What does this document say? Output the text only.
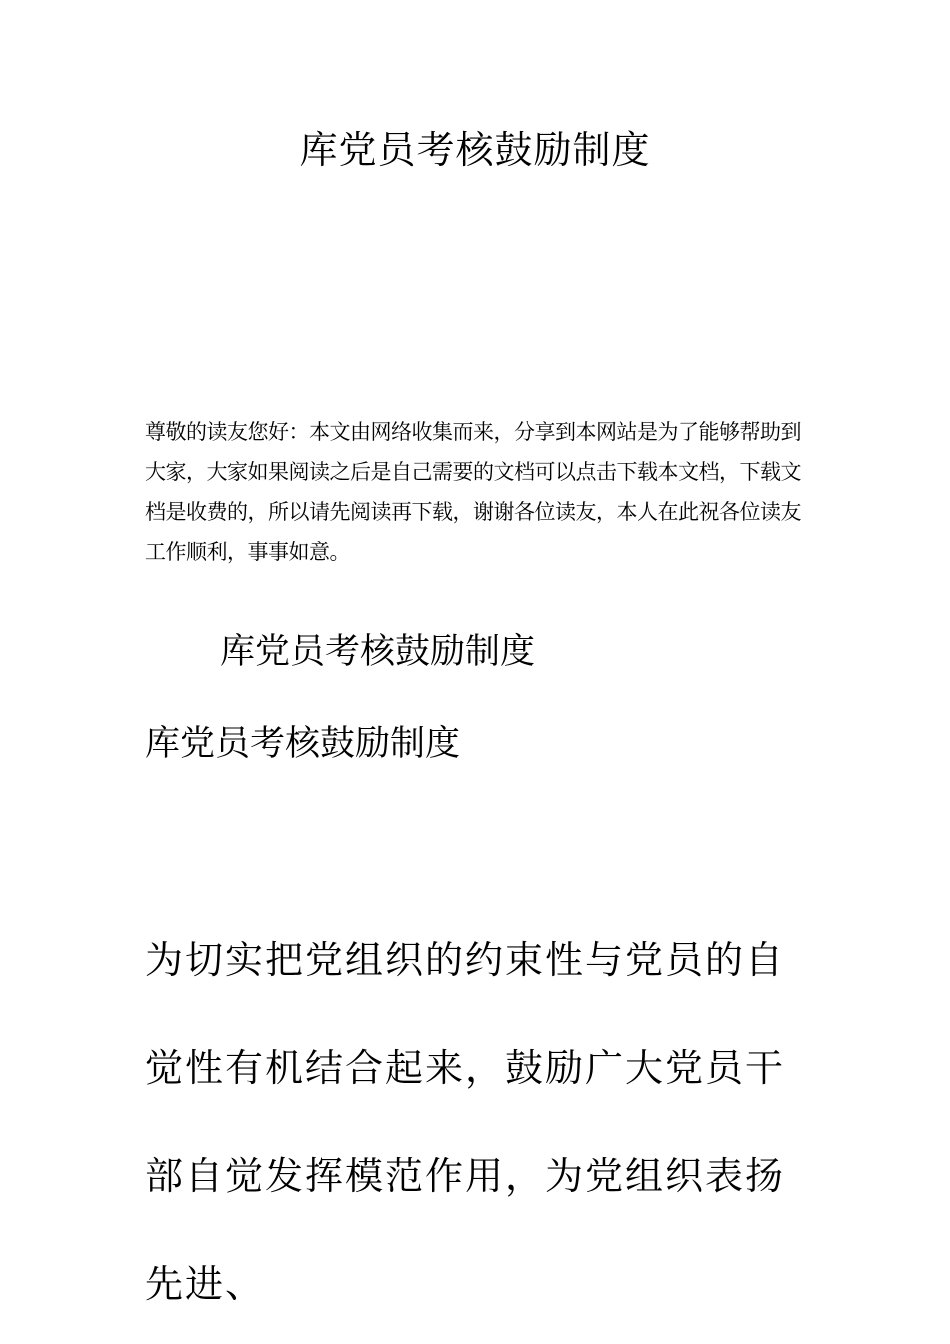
库党员考核鼓励制度

尊敬的读友您好：本文由网络收集而来，分享到本网站是为了能够帮助到大家，大家如果阅读之后是自己需要的文档可以点击下载本文档，下载文档是收费的，所以请先阅读再下载，谢谢各位读友，本人在此祝各位读友工作顺利，事事如意。

库党员考核鼓励制度
库党员考核鼓励制度

为切实把党组织的约束性与党员的自觉性有机结合起来，鼓励广大党员干部自觉发挥模范作用，为党组织表扬先进、
